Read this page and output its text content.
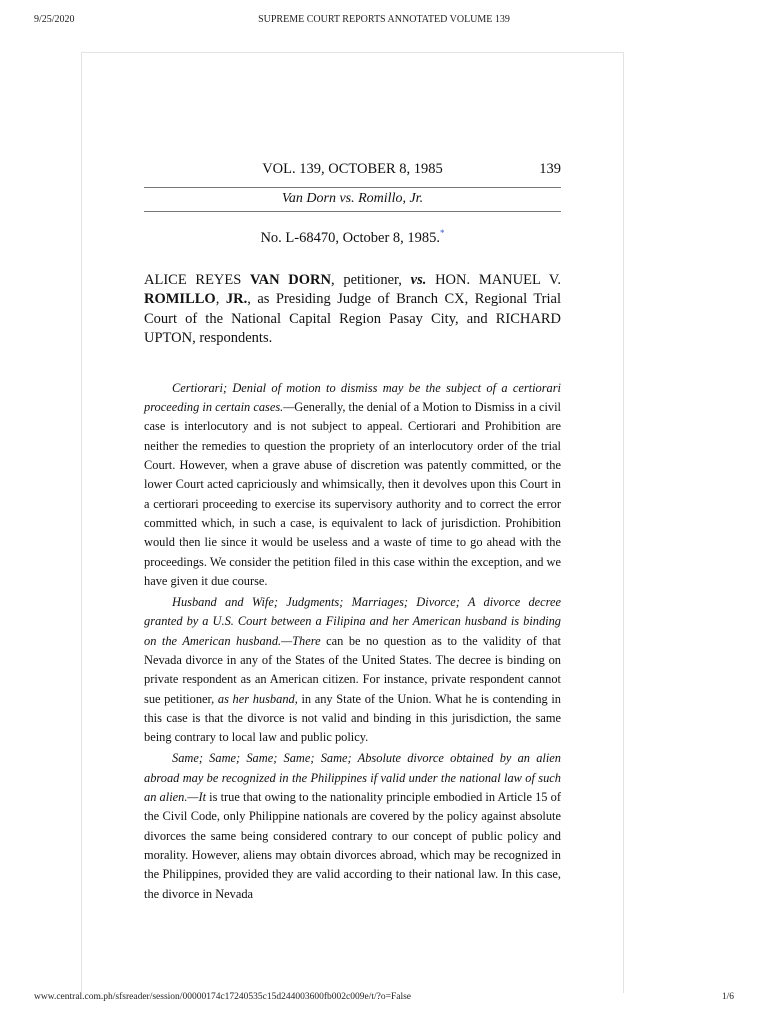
9/25/2020	SUPREME COURT REPORTS ANNOTATED VOLUME 139
VOL. 139, OCTOBER 8, 1985	139
Van Dorn vs. Romillo, Jr.
No. L-68470, October 8, 1985.*
ALICE REYES VAN DORN, petitioner, vs. HON. MANUEL V. ROMILLO, JR., as Presiding Judge of Branch CX, Regional Trial Court of the National Capital Region Pasay City, and RICHARD UPTON, respondents.

Certiorari; Denial of motion to dismiss may be the subject of a certiorari proceeding in certain cases.—Generally, the denial of a Motion to Dismiss in a civil case is interlocutory and is not subject to appeal. Certiorari and Prohibition are neither the remedies to question the propriety of an interlocutory order of the trial Court. However, when a grave abuse of discretion was patently committed, or the lower Court acted capriciously and whimsically, then it devolves upon this Court in a certiorari proceeding to exercise its supervisory authority and to correct the error committed which, in such a case, is equivalent to lack of jurisdiction. Prohibition would then lie since it would be useless and a waste of time to go ahead with the proceedings. We consider the petition filed in this case within the exception, and we have given it due course.

Husband and Wife; Judgments; Marriages; Divorce; A divorce decree granted by a U.S. Court between a Filipina and her American husband is binding on the American husband.—There can be no question as to the validity of that Nevada divorce in any of the States of the United States. The decree is binding on private respondent as an American citizen. For instance, private respondent cannot sue petitioner, as her husband, in any State of the Union. What he is contending in this case is that the divorce is not valid and binding in this jurisdiction, the same being contrary to local law and public policy.

Same; Same; Same; Same; Same; Absolute divorce obtained by an alien abroad may be recognized in the Philippines if valid under the national law of such an alien.—It is true that owing to the nationality principle embodied in Article 15 of the Civil Code, only Philippine nationals are covered by the policy against absolute divorces the same being considered contrary to our concept of public policy and morality. However, aliens may obtain divorces abroad, which may be recognized in the Philippines, provided they are valid according to their national law. In this case, the divorce in Nevada

www.central.com.ph/sfsreader/session/00000174c17240535c15d244003600fb002c009e/t/?o=False	1/6
